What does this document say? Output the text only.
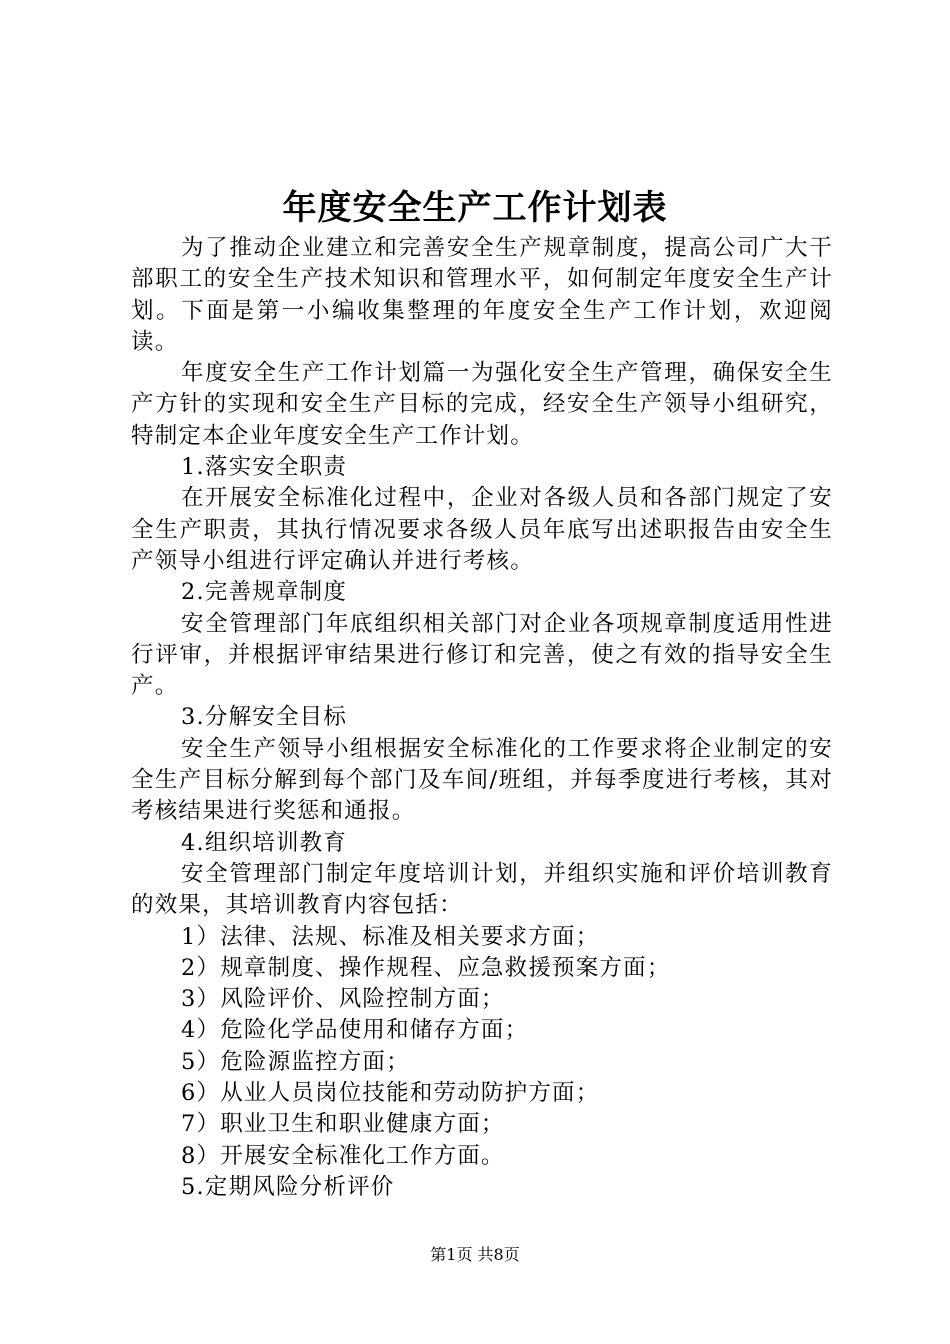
年度安全生产工作计划表

为了推动企业建立和完善安全生产规章制度，提高公司广大干部职工的安全生产技术知识和管理水平，如何制定年度安全生产计划。下面是第一小编收集整理的年度安全生产工作计划，欢迎阅读。

年度安全生产工作计划篇一为强化安全生产管理，确保安全生产方针的实现和安全生产目标的完成，经安全生产领导小组研究，特制定本企业年度安全生产工作计划。

1.落实安全职责

在开展安全标准化过程中，企业对各级人员和各部门规定了安全生产职责，其执行情况要求各级人员年底写出述职报告由安全生产领导小组进行评定确认并进行考核。

2.完善规章制度

安全管理部门年底组织相关部门对企业各项规章制度适用性进行评审，并根据评审结果进行修订和完善，使之有效的指导安全生产。

3.分解安全目标

安全生产领导小组根据安全标准化的工作要求将企业制定的安全生产目标分解到每个部门及车间/班组，并每季度进行考核，其对考核结果进行奖惩和通报。

4.组织培训教育

安全管理部门制定年度培训计划，并组织实施和评价培训教育的效果，其培训教育内容包括：

1）法律、法规、标准及相关要求方面；

2）规章制度、操作规程、应急救援预案方面；

3）风险评价、风险控制方面；

4）危险化学品使用和储存方面；

5）危险源监控方面；

6）从业人员岗位技能和劳动防护方面；

7）职业卫生和职业健康方面；

8）开展安全标准化工作方面。

5.定期风险分析评价

第1页 共8页
